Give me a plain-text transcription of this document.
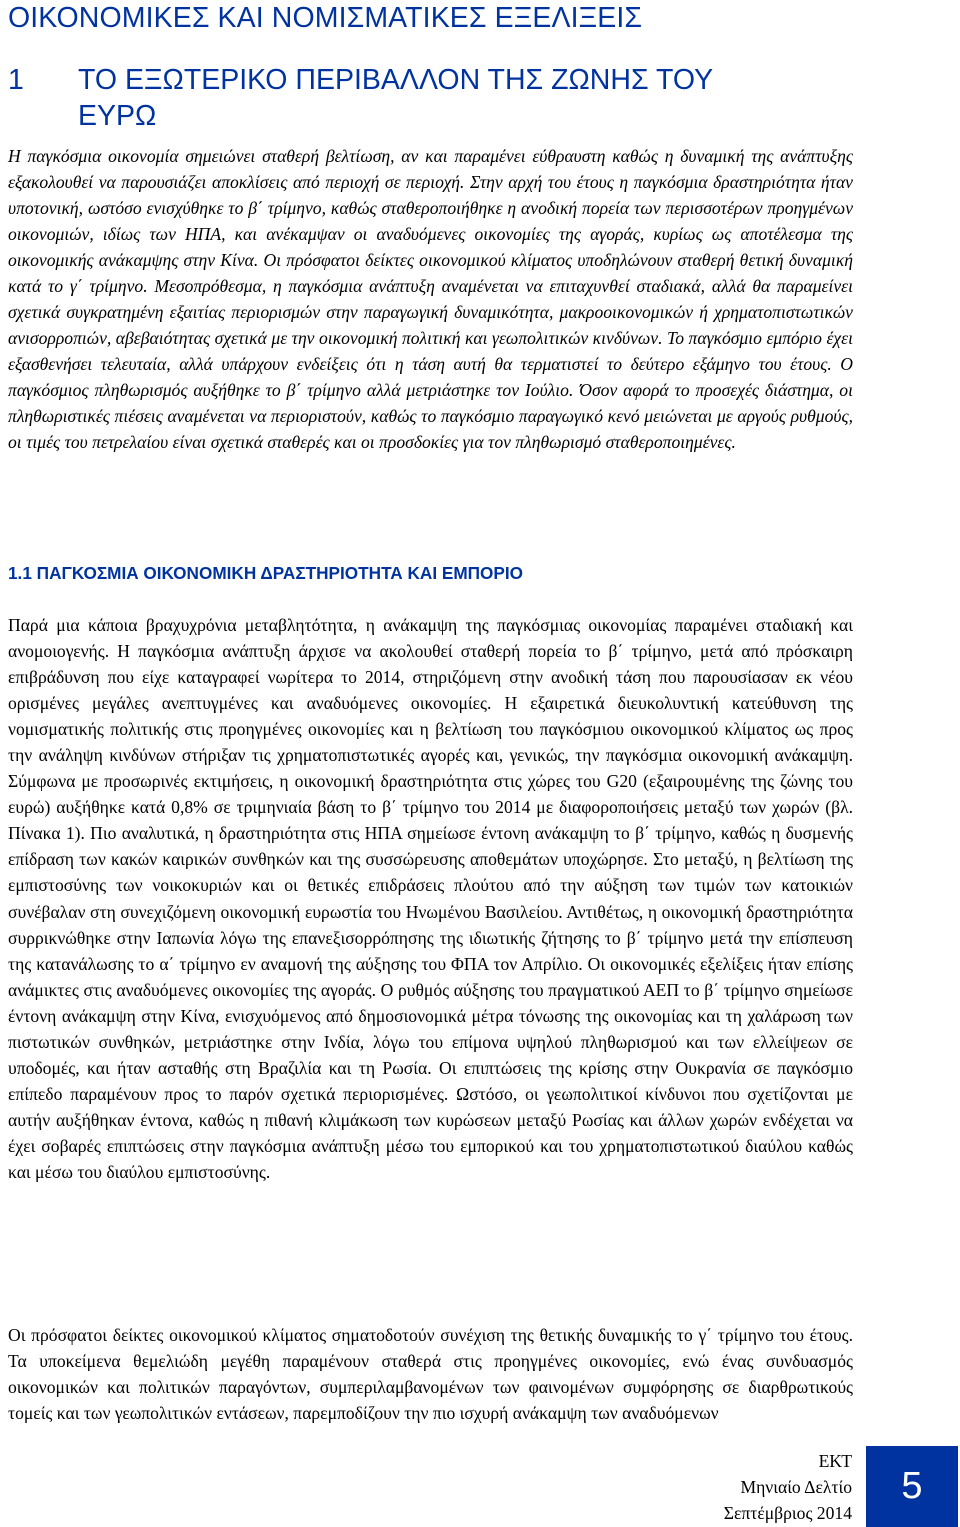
ΟΙΚΟΝΟΜΙΚΕΣ ΚΑΙ ΝΟΜΙΣΜΑΤΙΚΕΣ ΕΞΕΛΙΞΕΙΣ
1 ΤΟ ΕΞΩΤΕΡΙΚΟ ΠΕΡΙΒΑΛΛΟΝ ΤΗΣ ΖΩΝΗΣ ΤΟΥ
ΕΥΡΩ

Η παγκόσμια οικονομία σημειώνει σταθερή βελτίωση, αν και παραμένει εύθραυστη καθώς η δυναμική της ανάπτυξης εξακολουθεί να παρουσιάζει αποκλίσεις από περιοχή σε περιοχή. Στην αρχή του έτους η παγκόσμια δραστηριότητα ήταν υποτονική, ωστόσο ενισχύθηκε το β΄ τρίμηνο, καθώς σταθεροποιήθηκε η ανοδική πορεία των περισσοτέρων προηγμένων οικονομιών, ιδίως των ΗΠΑ, και ανέκαμψαν οι αναδυόμενες οικονομίες της αγοράς, κυρίως ως αποτέλεσμα της οικονομικής ανάκαμψης στην Κίνα. Οι πρόσφατοι δείκτες οικονομικού κλίματος υποδηλώνουν σταθερή θετική δυναμική κατά το γ΄ τρίμηνο. Μεσοπρόθεσμα, η παγκόσμια ανάπτυξη αναμένεται να επιταχυνθεί σταδιακά, αλλά θα παραμείνει σχετικά συγκρατημένη εξαιτίας περιορισμών στην παραγωγική δυναμικότητα, μακροοικονομικών ή χρηματοπιστωτικών ανισορροπιών, αβεβαιότητας σχετικά με την οικονομική πολιτική και γεωπολιτικών κινδύνων. Το παγκόσμιο εμπόριο έχει εξασθενήσει τελευταία, αλλά υπάρχουν ενδείξεις ότι η τάση αυτή θα τερματιστεί το δεύτερο εξάμηνο του έτους. Ο παγκόσμιος πληθωρισμός αυξήθηκε το β΄ τρίμηνο αλλά μετριάστηκε τον Ιούλιο. Όσον αφορά το προσεχές διάστημα, οι πληθωριστικές πιέσεις αναμένεται να περιοριστούν, καθώς το παγκόσμιο παραγωγικό κενό μειώνεται με αργούς ρυθμούς, οι τιμές του πετρελαίου είναι σχετικά σταθερές και οι προσδοκίες για τον πληθωρισμό σταθεροποιημένες.

1.1 ΠΑΓΚΟΣΜΙΑ ΟΙΚΟΝΟΜΙΚΗ ΔΡΑΣΤΗΡΙΟΤΗΤΑ ΚΑΙ ΕΜΠΟΡΙΟ

Παρά μια κάποια βραχυχρόνια μεταβλητότητα, η ανάκαμψη της παγκόσμιας οικονομίας παραμένει σταδιακή και ανομοιογενής. Η παγκόσμια ανάπτυξη άρχισε να ακολουθεί σταθερή πορεία το β΄ τρίμηνο, μετά από πρόσκαιρη επιβράδυνση που είχε καταγραφεί νωρίτερα το 2014, στηριζόμενη στην ανοδική τάση που παρουσίασαν εκ νέου ορισμένες μεγάλες ανεπτυγμένες και αναδυόμενες οικονομίες. Η εξαιρετικά διευκολυντική κατεύθυνση της νομισματικής πολιτικής στις προηγμένες οικονομίες και η βελτίωση του παγκόσμιου οικονομικού κλίματος ως προς την ανάληψη κινδύνων στήριξαν τις χρηματοπιστωτικές αγορές και, γενικώς, την παγκόσμια οικονομική ανάκαμψη. Σύμφωνα με προσωρινές εκτιμήσεις, η οικονομική δραστηριότητα στις χώρες του G20 (εξαιρουμένης της ζώνης του ευρώ) αυξήθηκε κατά 0,8% σε τριμηνιαία βάση το β΄ τρίμηνο του 2014 με διαφοροποιήσεις μεταξύ των χωρών (βλ. Πίνακα 1). Πιο αναλυτικά, η δραστηριότητα στις ΗΠΑ σημείωσε έντονη ανάκαμψη το β΄ τρίμηνο, καθώς η δυσμενής επίδραση των κακών καιρικών συνθηκών και της συσσώρευσης αποθεμάτων υποχώρησε. Στο μεταξύ, η βελτίωση της εμπιστοσύνης των νοικοκυριών και οι θετικές επιδράσεις πλούτου από την αύξηση των τιμών των κατοικιών συνέβαλαν στη συνεχιζόμενη οικονομική ευρωστία του Ηνωμένου Βασιλείου. Αντιθέτως, η οικονομική δραστηριότητα συρρικνώθηκε στην Ιαπωνία λόγω της επανεξισορρόπησης της ιδιωτικής ζήτησης το β΄ τρίμηνο μετά την επίσπευση της κατανάλωσης το α΄ τρίμηνο εν αναμονή της αύξησης του ΦΠΑ τον Απρίλιο. Οι οικονομικές εξελίξεις ήταν επίσης ανάμικτες στις αναδυόμενες οικονομίες της αγοράς. Ο ρυθμός αύξησης του πραγματικού ΑΕΠ το β΄ τρίμηνο σημείωσε έντονη ανάκαμψη στην Κίνα, ενισχυόμενος από δημοσιονομικά μέτρα τόνωσης της οικονομίας και τη χαλάρωση των πιστωτικών συνθηκών, μετριάστηκε στην Ινδία, λόγω του επίμονα υψηλού πληθωρισμού και των ελλείψεων σε υποδομές, και ήταν ασταθής στη Βραζιλία και τη Ρωσία. Οι επιπτώσεις της κρίσης στην Ουκρανία σε παγκόσμιο επίπεδο παραμένουν προς το παρόν σχετικά περιορισμένες. Ωστόσο, οι γεωπολιτικοί κίνδυνοι που σχετίζονται με αυτήν αυξήθηκαν έντονα, καθώς η πιθανή κλιμάκωση των κυρώσεων μεταξύ Ρωσίας και άλλων χωρών ενδέχεται να έχει σοβαρές επιπτώσεις στην παγκόσμια ανάπτυξη μέσω του εμπορικού και του χρηματοπιστωτικού διαύλου καθώς και μέσω του διαύλου εμπιστοσύνης.

Οι πρόσφατοι δείκτες οικονομικού κλίματος σηματοδοτούν συνέχιση της θετικής δυναμικής το γ΄ τρίμηνο του έτους. Τα υποκείμενα θεμελιώδη μεγέθη παραμένουν σταθερά στις προηγμένες οικονομίες, ενώ ένας συνδυασμός οικονομικών και πολιτικών παραγόντων, συμπεριλαμβανομένων των φαινομένων συμφόρησης σε διαρθρωτικούς τομείς και των γεωπολιτικών εντάσεων, παρεμποδίζουν την πιο ισχυρή ανάκαμψη των αναδυόμενων

ΕΚΤ
Μηνιαίο Δελτίο
Σεπτέμβριος 2014
5
